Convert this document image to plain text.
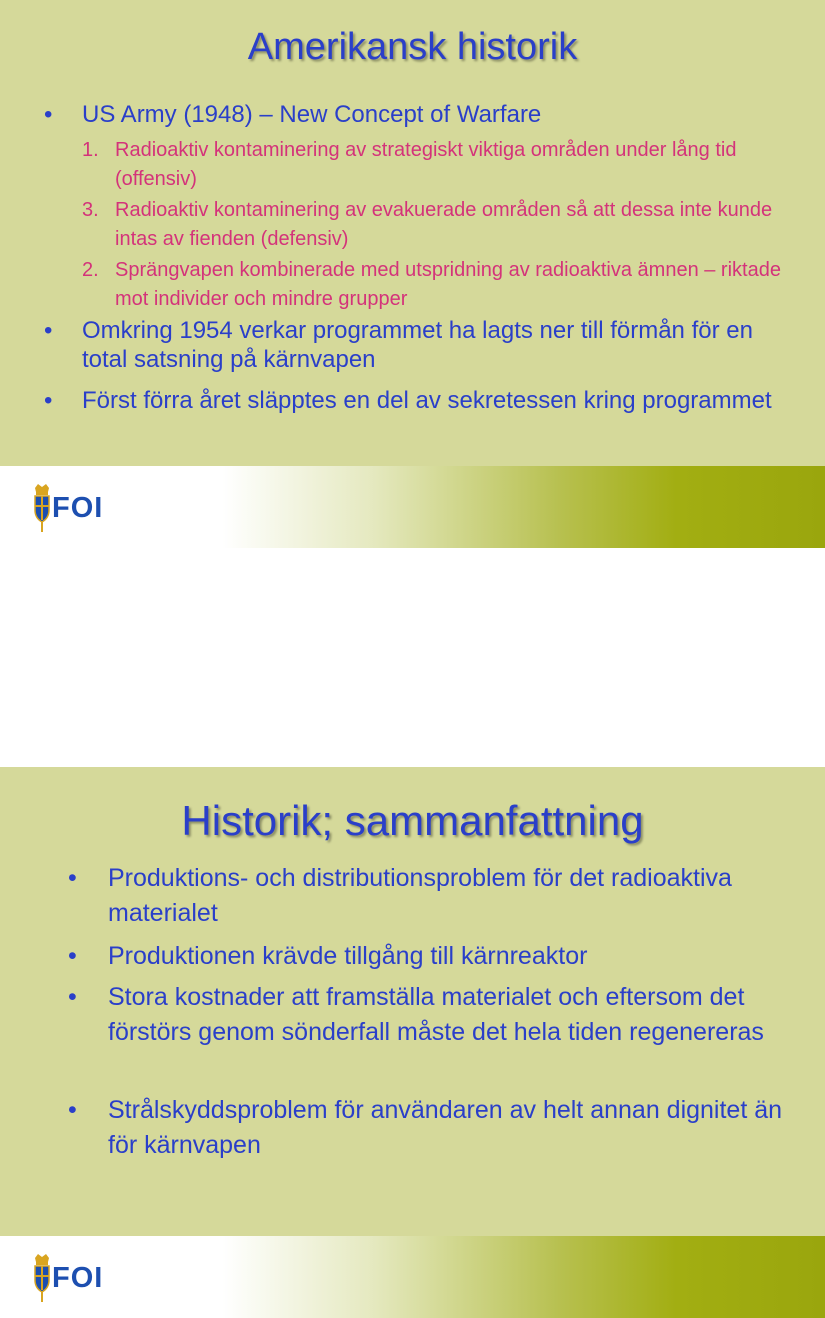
Amerikansk historik
• US Army (1948) – New Concept of Warfare
1. Radioaktiv kontaminering av strategiskt viktiga områden under lång tid (offensiv)
3. Radioaktiv kontaminering av evakuerade områden så att dessa inte kunde intas av fienden (defensiv)
2. Sprängvapen kombinerade med utspridning av radioaktiva ämnen – riktade mot individer och mindre grupper
• Omkring 1954 verkar programmet ha lagts ner till förmån för en total satsning på kärnvapen
• Först förra året släpptes en del av sekretessen kring programmet
FOI
Historik; sammanfattning
• Produktions- och distributionsproblem för det radioaktiva materialet
• Produktionen krävde tillgång till kärnreaktor
• Stora kostnader att framställa materialet och eftersom det förstörs genom sönderfall måste det hela tiden regenereras
• Strålskyddsproblem för användaren av helt annan dignitet än för kärnvapen
FOI
